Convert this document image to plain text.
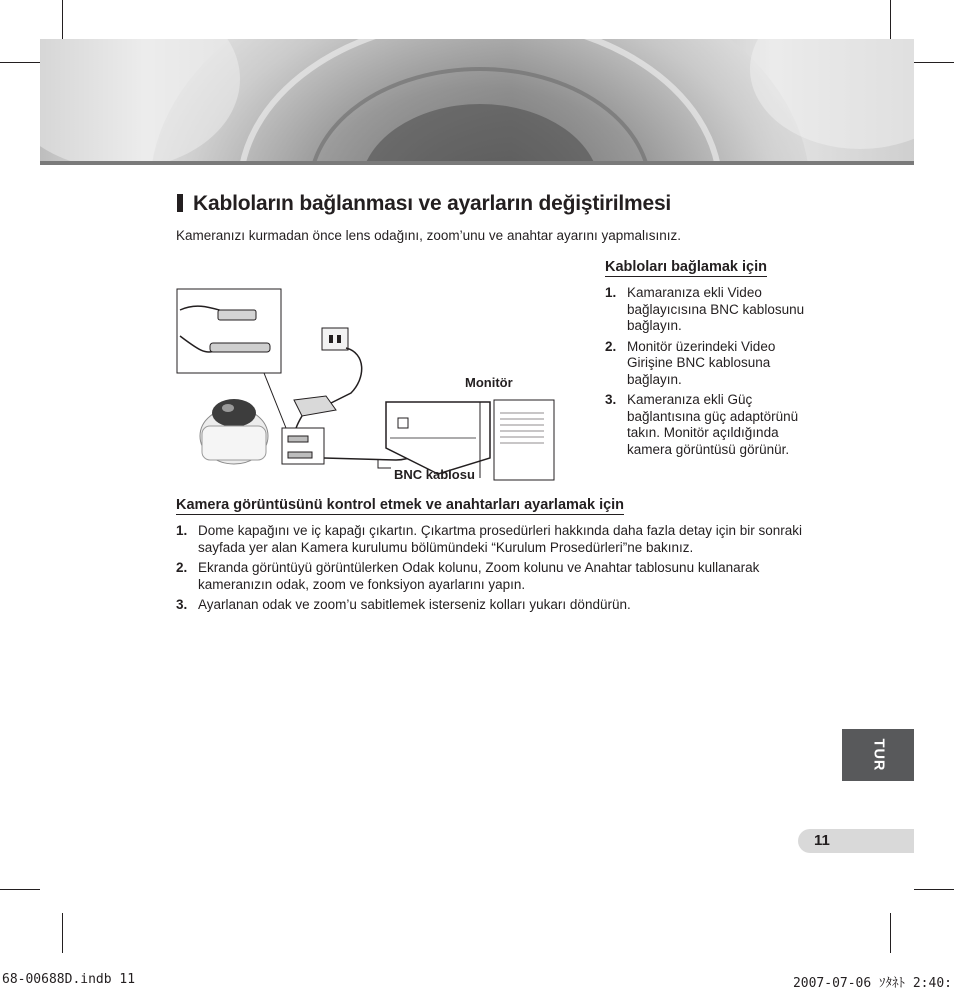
Kabloların bağlanması ve ayarların değiştirilmesi
Kameranızı kurmadan önce lens odağını, zoom’unu ve anahtar ayarını yapmalısınız.
Monitör
BNC kablosu
Kabloları bağlamak için
1. Kamaranıza ekli Video bağlayıcısına BNC kablosunu bağlayın.
2. Monitör üzerindeki Video Girişine BNC kablosuna bağlayın.
3. Kameranıza ekli Güç bağlantısına güç adaptörünü takın. Monitör açıldığında kamera görüntüsü görünür.
Kamera görüntüsünü kontrol etmek ve anahtarları ayarlamak için
1. Dome kapağını ve iç kapağı çıkartın. Çıkartma prosedürleri hakkında daha fazla detay için bir sonraki sayfada yer alan Kamera kurulumu bölümündeki “Kurulum Prosedürleri”ne bakınız.
2. Ekranda görüntüyü görüntülerken Odak kolunu, Zoom kolunu ve Anahtar tablosunu kullanarak kameranızın odak, zoom ve fonksiyon ayarlarını yapın.
3. Ayarlanan odak ve zoom’u sabitlemek isterseniz kolları yukarı döndürün.
TUR
11
68-00688D.indb 11	2007-07-06 ｿﾀﾈﾄ 2:40:
